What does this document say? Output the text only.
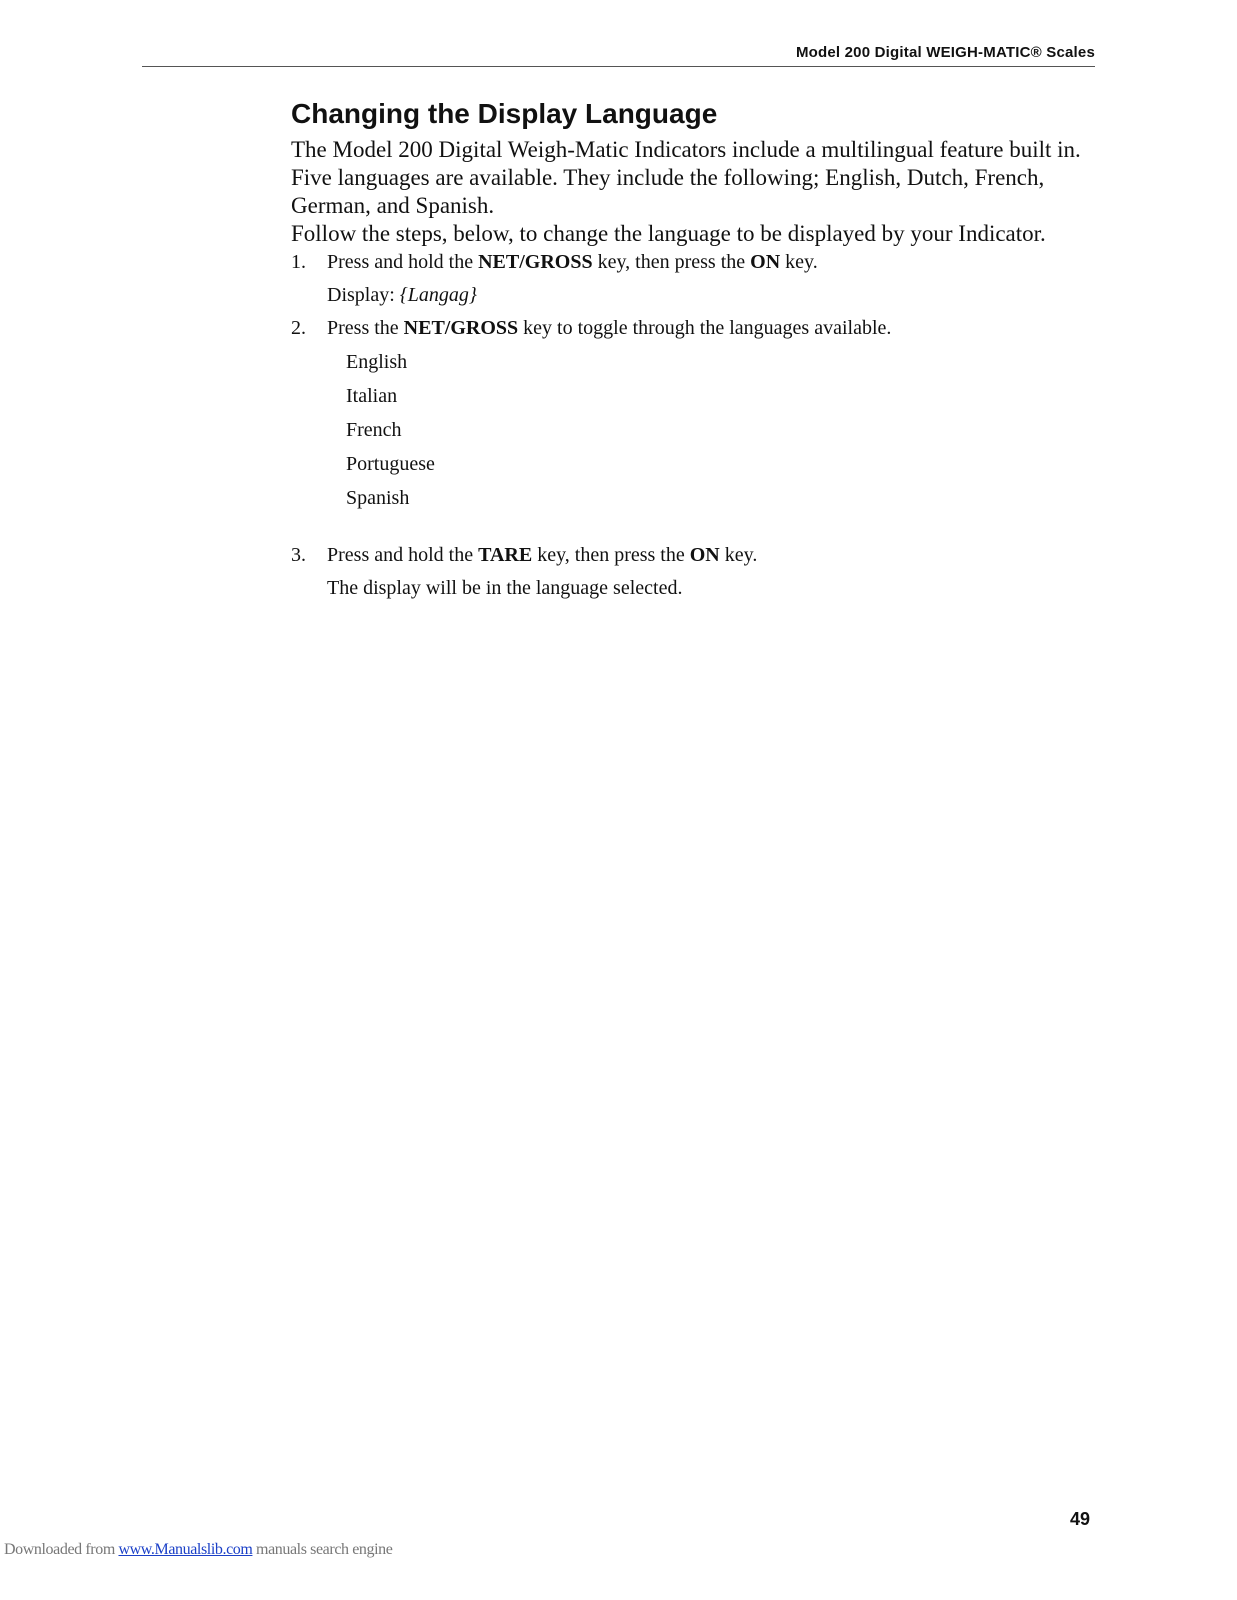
Model 200 Digital WEIGH-MATIC® Scales
Changing the Display Language

The Model 200 Digital Weigh-Matic Indicators include a multilingual feature built in.

Five languages are available. They include the following; English, Dutch, French, German, and Spanish.

Follow the steps, below, to change the language to be displayed by your Indicator.

1. Press and hold the NET/GROSS key, then press the ON key.

Display: {Langag}
2. Press the NET/GROSS key to toggle through the languages available.

English
Italian
French
Portuguese
Spanish
3. Press and hold the TARE key, then press the ON key.

The display will be in the language selected.
49
Downloaded from www.Manualslib.com manuals search engine
